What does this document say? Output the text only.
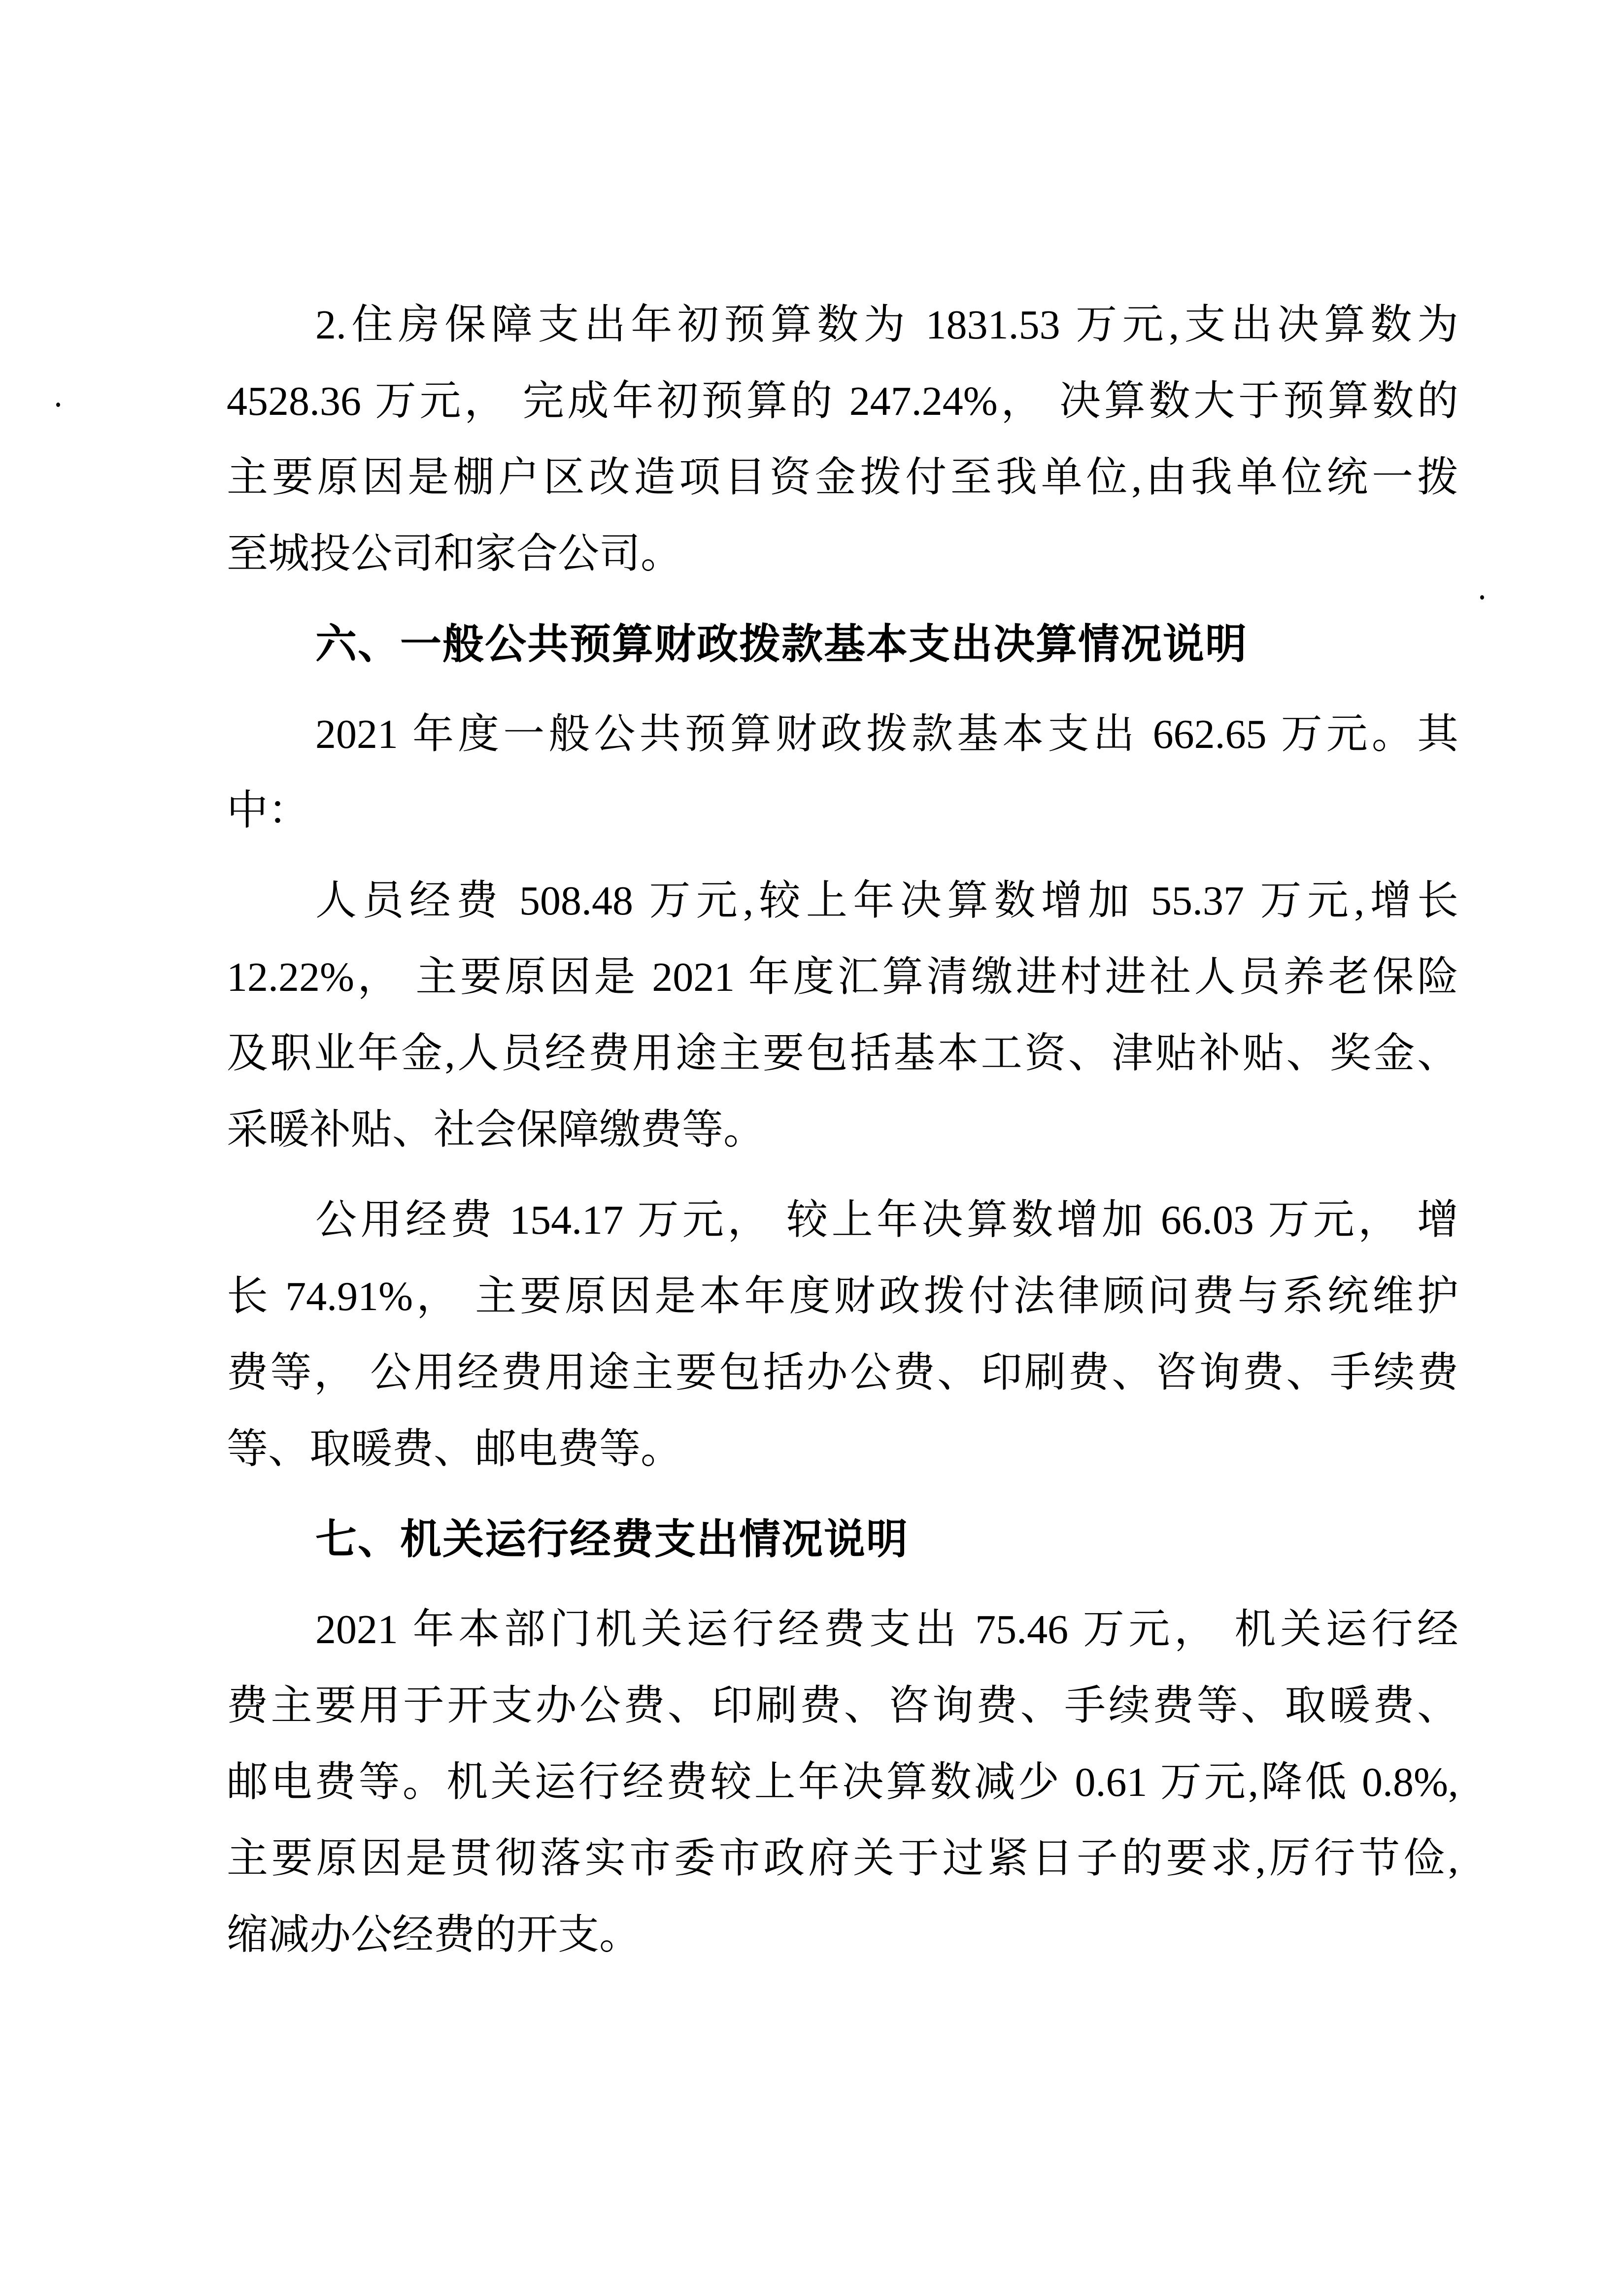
2.住房保障支出年初预算数为 1831.53 万元,支出决算数为
4528.36 万元， 完成年初预算的 247.24%， 决算数大于预算数的
主要原因是棚户区改造项目资金拨付至我单位,由我单位统一拨
至城投公司和家合公司。
六、一般公共预算财政拨款基本支出决算情况说明
2021 年度一般公共预算财政拨款基本支出 662.65 万元。其
中：
人员经费 508.48 万元,较上年决算数增加 55.37 万元,增长
12.22%， 主要原因是 2021 年度汇算清缴进村进社人员养老保险
及职业年金,人员经费用途主要包括基本工资、津贴补贴、奖金、
采暖补贴、社会保障缴费等。
公用经费 154.17 万元， 较上年决算数增加 66.03 万元， 增
长 74.91%， 主要原因是本年度财政拨付法律顾问费与系统维护
费等， 公用经费用途主要包括办公费、印刷费、咨询费、手续费
等、取暖费、邮电费等。
七、机关运行经费支出情况说明
2021 年本部门机关运行经费支出 75.46 万元， 机关运行经
费主要用于开支办公费、印刷费、咨询费、手续费等、取暖费、
邮电费等。机关运行经费较上年决算数减少 0.61 万元,降低 0.8%,
主要原因是贯彻落实市委市政府关于过紧日子的要求,厉行节俭,
缩减办公经费的开支。
